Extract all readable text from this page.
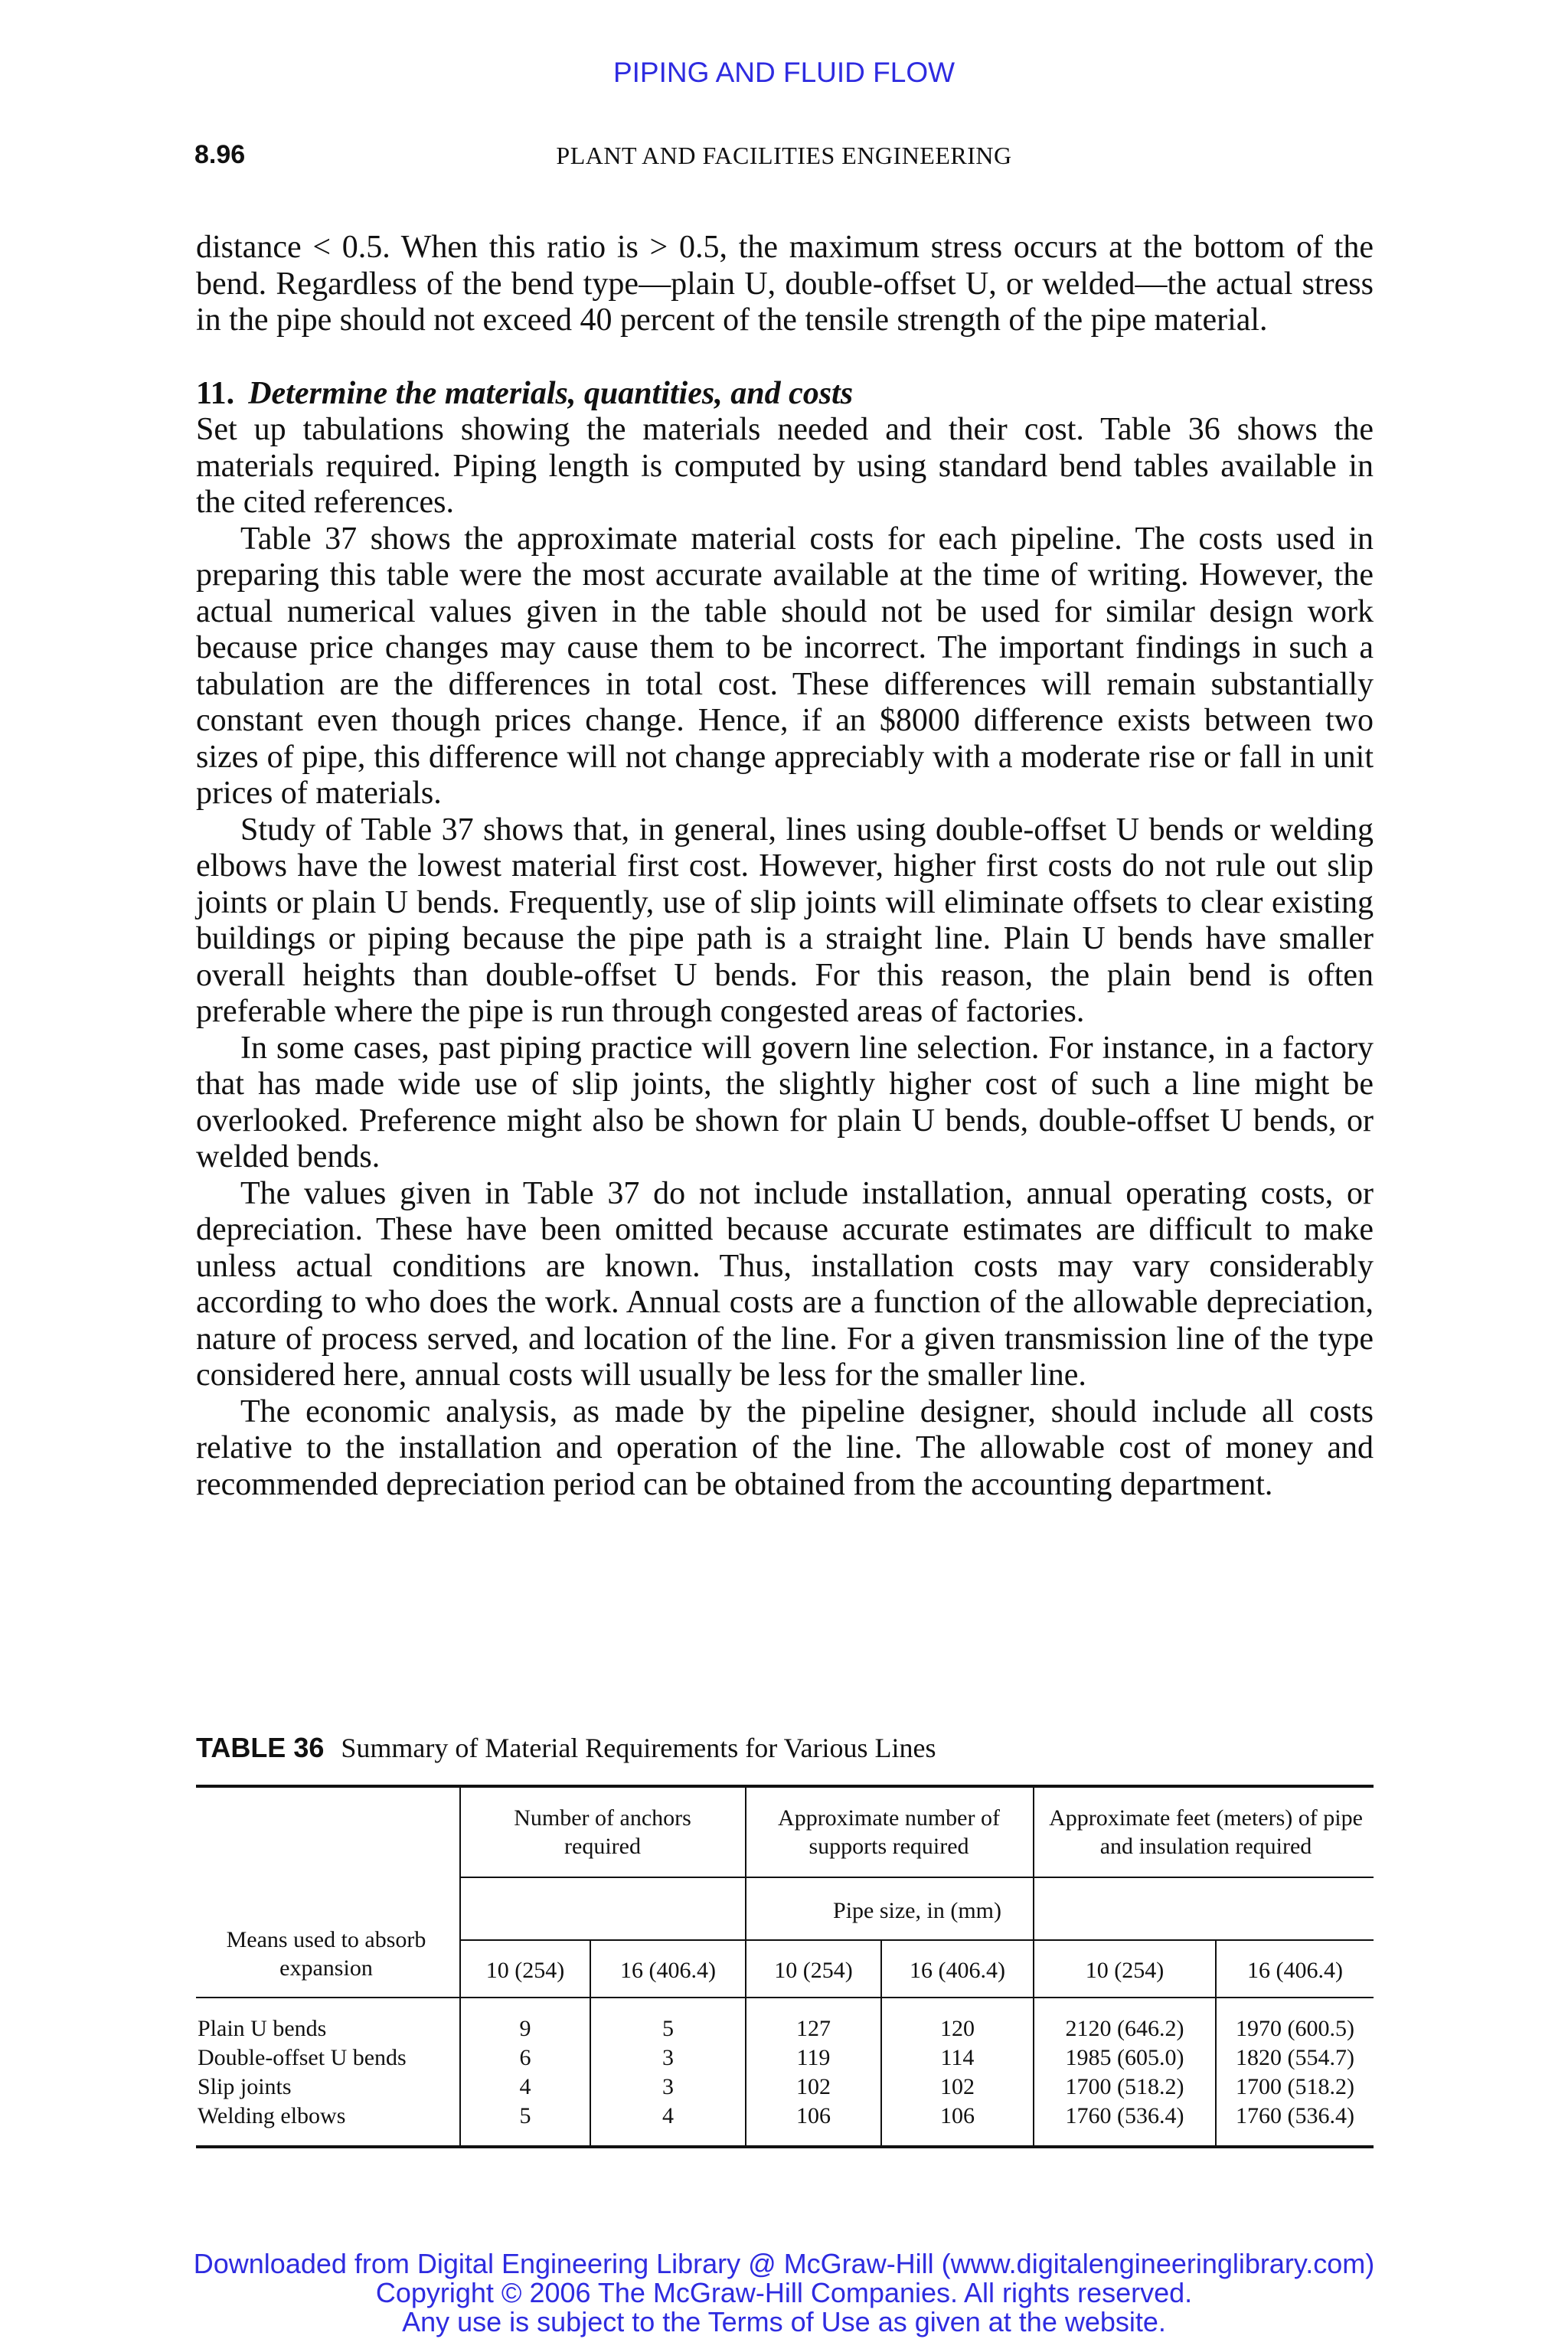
PIPING AND FLUID FLOW
8.96	PLANT AND FACILITIES ENGINEERING

distance < 0.5. When this ratio is > 0.5, the maximum stress occurs at the bottom of the bend. Regardless of the bend type—plain U, double-offset U, or welded—the actual stress in the pipe should not exceed 40 percent of the tensile strength of the pipe material.

11. Determine the materials, quantities, and costs

Set up tabulations showing the materials needed and their cost. Table 36 shows the materials required. Piping length is computed by using standard bend tables available in the cited references.

Table 37 shows the approximate material costs for each pipeline. The costs used in preparing this table were the most accurate available at the time of writing. However, the actual numerical values given in the table should not be used for similar design work because price changes may cause them to be incorrect. The important findings in such a tabulation are the differences in total cost. These differences will remain substantially constant even though prices change. Hence, if an $8000 difference exists between two sizes of pipe, this difference will not change appreciably with a moderate rise or fall in unit prices of materials.

Study of Table 37 shows that, in general, lines using double-offset U bends or welding elbows have the lowest material first cost. However, higher first costs do not rule out slip joints or plain U bends. Frequently, use of slip joints will eliminate offsets to clear existing buildings or piping because the pipe path is a straight line. Plain U bends have smaller overall heights than double-offset U bends. For this reason, the plain bend is often preferable where the pipe is run through congested areas of factories.

In some cases, past piping practice will govern line selection. For instance, in a factory that has made wide use of slip joints, the slightly higher cost of such a line might be overlooked. Preference might also be shown for plain U bends, double-offset U bends, or welded bends.

The values given in Table 37 do not include installation, annual operating costs, or depreciation. These have been omitted because accurate estimates are difficult to make unless actual conditions are known. Thus, installation costs may vary considerably according to who does the work. Annual costs are a function of the allowable depreciation, nature of process served, and location of the line. For a given transmission line of the type considered here, annual costs will usually be less for the smaller line.

The economic analysis, as made by the pipeline designer, should include all costs relative to the installation and operation of the line. The allowable cost of money and recommended depreciation period can be obtained from the accounting department.

TABLE 36 Summary of Material Requirements for Various Lines
Means used to absorb expansion
Number of anchors required
Approximate number of supports required
Approximate feet (meters) of pipe and insulation required
Pipe size, in (mm)
10 (254)	16 (406.4)	10 (254)	16 (406.4)	10 (254)	16 (406.4)
Plain U bends	9	5	127	120	2120 (646.2)	1970 (600.5)
Double-offset U bends	6	3	119	114	1985 (605.0)	1820 (554.7)
Slip joints	4	3	102	102	1700 (518.2)	1700 (518.2)
Welding elbows	5	4	106	106	1760 (536.4)	1760 (536.4)
Downloaded from Digital Engineering Library @ McGraw-Hill (www.digitalengineeringlibrary.com)
Copyright © 2006 The McGraw-Hill Companies. All rights reserved.
Any use is subject to the Terms of Use as given at the website.
